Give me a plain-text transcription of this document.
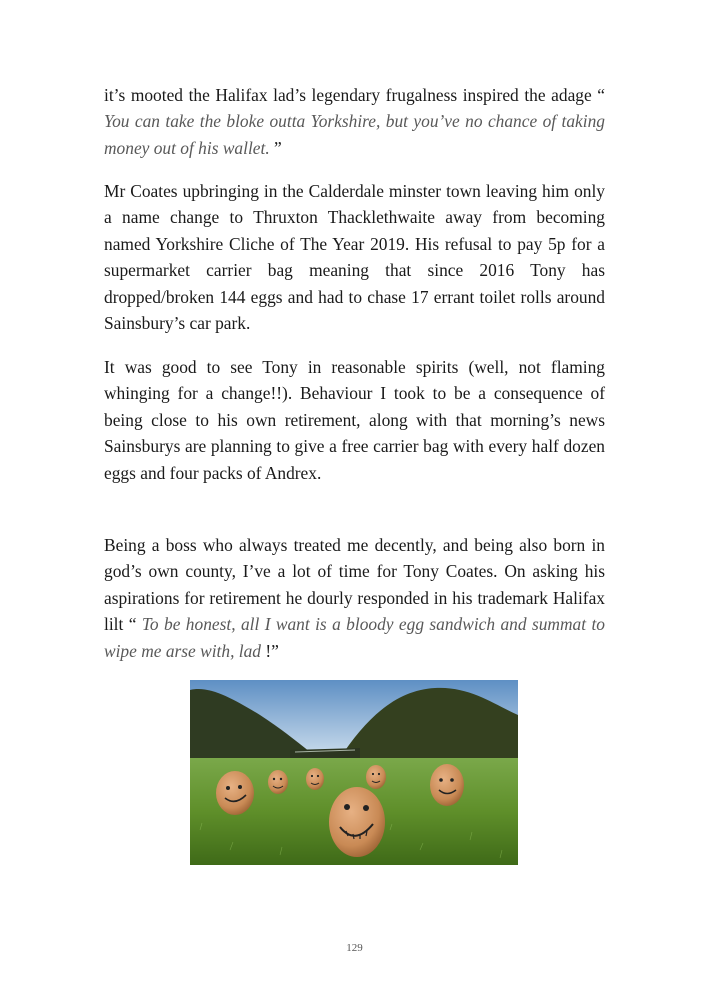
it’s mooted the Halifax lad’s legendary frugalness inspired the adage “ You can take the bloke outta Yorkshire, but you’ve no chance of taking money out of his wallet. ”

Mr Coates upbringing in the Calderdale minster town leaving him only a name change to Thruxton Thacklethwaite away from becoming named Yorkshire Cliche of The Year 2019. His refusal to pay 5p for a supermarket carrier bag meaning that since 2016 Tony has dropped/broken 144 eggs and had to chase 17 errant toilet rolls around Sainsbury’s car park.

It was good to see Tony in reasonable spirits (well, not flaming whinging for a change!!). Behaviour I took to be a consequence of being close to his own retirement, along with that morning’s news Sainsburys are planning to give a free carrier bag with every half dozen eggs and four packs of Andrex.

Being a boss who always treated me decently, and being also born in god’s own county, I’ve a lot of time for Tony Coates. On asking his aspirations for retirement he dourly responded in his trademark Halifax lilt “ To be honest, all I want is a bloody egg sandwich and summat to wipe me arse with, lad !”

129
